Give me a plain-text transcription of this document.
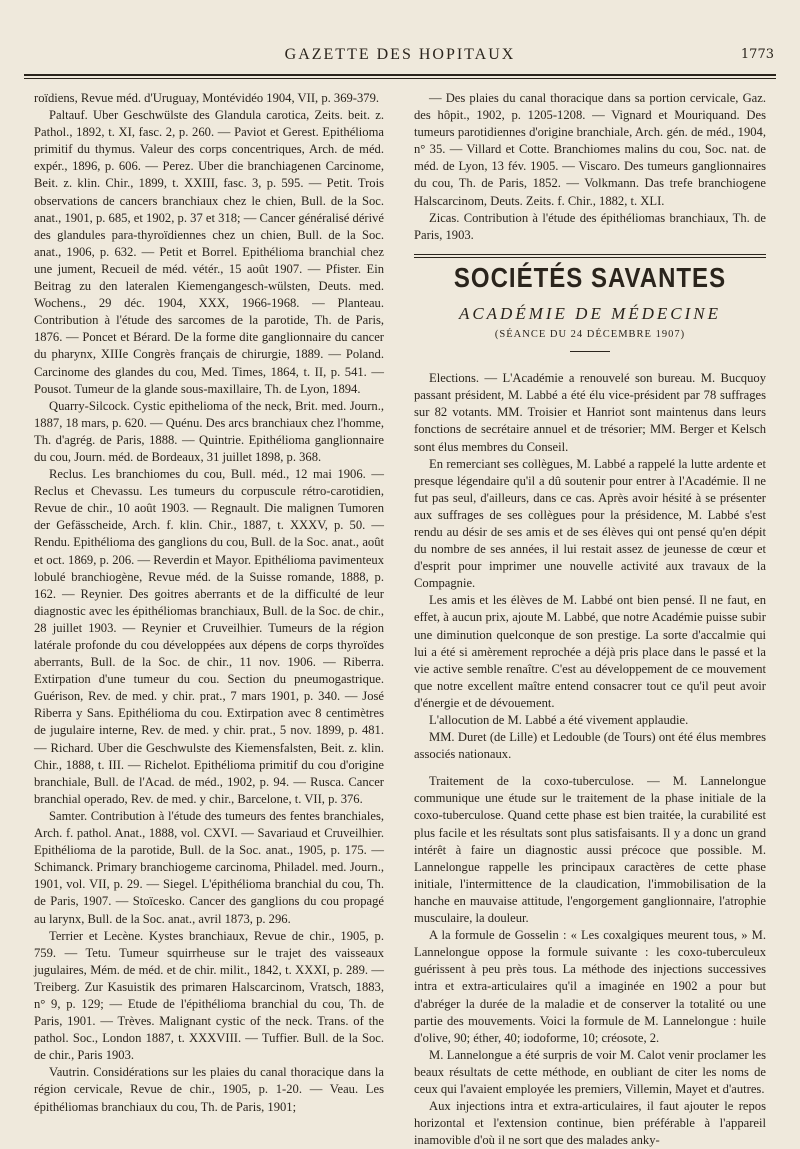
GAZETTE DES HOPITAUX	1773

roïdiens, Revue méd. d'Uruguay, Montévidéo 1904, VII, p. 369-379.

Paltauf. Uber Geschwülste des Glandula carotica, Zeits. beit. z. Pathol., 1892, t. XI, fasc. 2, p. 260. — Paviot et Gerest. Epithélioma primitif du thymus. Valeur des corps concentriques, Arch. de méd. expér., 1896, p. 606. — Perez. Uber die branchiagenen Carcinome, Beit. z. klin. Chir., 1899, t. XXIII, fasc. 3, p. 595. — Petit. Trois observations de cancers branchiaux chez le chien, Bull. de la Soc. anat., 1901, p. 685, et 1902, p. 37 et 318; — Cancer généralisé dérivé des glandules para-thyroïdiennes chez un chien, Bull. de la Soc. anat., 1906, p. 632. — Petit et Borrel. Epithélioma branchial chez une jument, Recueil de méd. vétér., 15 août 1907. — Pfister. Ein Beitrag zu den lateralen Kiemengangesch-wülsten, Deuts. med. Wochens., 29 déc. 1904, XXX, 1966-1968. — Planteau. Contribution à l'étude des sarcomes de la parotide, Th. de Paris, 1876. — Poncet et Bérard. De la forme dite ganglionnaire du cancer du pharynx, XIIIe Congrès français de chirurgie, 1889. — Poland. Carcinome des glandes du cou, Med. Times, 1864, t. II, p. 541. — Pousot. Tumeur de la glande sous-maxillaire, Th. de Lyon, 1894.

Quarry-Silcock. Cystic epithelioma of the neck, Brit. med. Journ., 1887, 18 mars, p. 620. — Quénu. Des arcs branchiaux chez l'homme, Th. d'agrég. de Paris, 1888. — Quintrie. Epithélioma ganglionnaire du cou, Journ. méd. de Bordeaux, 31 juillet 1898, p. 368.

Reclus. Les branchiomes du cou, Bull. méd., 12 mai 1906. — Reclus et Chevassu. Les tumeurs du corpuscule rétro-carotidien, Revue de chir., 10 août 1903. — Regnault. Die malignen Tumoren der Gefässcheide, Arch. f. klin. Chir., 1887, t. XXXV, p. 50. — Rendu. Epithélioma des ganglions du cou, Bull. de la Soc. anat., août et oct. 1869, p. 206. — Reverdin et Mayor. Epithélioma pavimenteux lobulé branchiogène, Revue méd. de la Suisse romande, 1888, p. 162. — Reynier. Des goitres aberrants et de la difficulté de leur diagnostic avec les épithéliomas branchiaux, Bull. de la Soc. de chir., 28 juillet 1903. — Reynier et Cruveilhier. Tumeurs de la région latérale profonde du cou développées aux dépens de corps thyroïdes aberrants, Bull. de la Soc. de chir., 11 nov. 1906. — Riberra. Extirpation d'une tumeur du cou. Section du pneumogastrique. Guérison, Rev. de med. y chir. prat., 7 mars 1901, p. 340. — José Riberra y Sans. Epithélioma du cou. Extirpation avec 8 centimètres de jugulaire interne, Rev. de med. y chir. prat., 5 nov. 1899, p. 481. — Richard. Uber die Geschwulste des Kiemensfalsten, Beit. z. klin. Chir., 1888, t. III. — Richelot. Epithélioma primitif du cou d'origine branchiale, Bull. de l'Acad. de méd., 1902, p. 94. — Rusca. Cancer branchial operado, Rev. de med. y chir., Barcelone, t. VII, p. 376.

Samter. Contribution à l'étude des tumeurs des fentes branchiales, Arch. f. pathol. Anat., 1888, vol. CXVI. — Savariaud et Cruveilhier. Epithélioma de la parotide, Bull. de la Soc. anat., 1905, p. 175. — Schimanck. Primary branchiogeme carcinoma, Philadel. med. Journ., 1901, vol. VII, p. 29. — Siegel. L'épithélioma branchial du cou, Th. de Paris, 1907. — Stoïcesko. Cancer des ganglions du cou propagé au larynx, Bull. de la Soc. anat., avril 1873, p. 296.

Terrier et Lecène. Kystes branchiaux, Revue de chir., 1905, p. 759. — Tetu. Tumeur squirrheuse sur le trajet des vaisseaux jugulaires, Mém. de méd. et de chir. milit., 1842, t. XXXI, p. 289. — Treiberg. Zur Kasuistik des primaren Halscarcinom, Vratsch, 1883, n° 9, p. 129; — Etude de l'épithélioma branchial du cou, Th. de Paris, 1901. — Trèves. Malignant cystic of the neck. Trans. of the pathol. Soc., London 1887, t. XXXVIII. — Tuffier. Bull. de la Soc. de chir., Paris 1903.

Vautrin. Considérations sur les plaies du canal thoracique dans la région cervicale, Revue de chir., 1905, p. 1-20. — Veau. Les épithéliomas branchiaux du cou, Th. de Paris, 1901;

— Des plaies du canal thoracique dans sa portion cervicale, Gaz. des hôpit., 1902, p. 1205-1208. — Vignard et Mouriquand. Des tumeurs parotidiennes d'origine branchiale, Arch. gén. de méd., 1904, n° 35. — Villard et Cotte. Branchiomes malins du cou, Soc. nat. de méd. de Lyon, 13 fév. 1905. — Viscaro. Des tumeurs ganglionnaires du cou, Th. de Paris, 1852. — Volkmann. Das trefe branchiogene Halscarcinom, Deuts. Zeits. f. Chir., 1882, t. XLI.

Zicas. Contribution à l'étude des épithéliomas branchiaux, Th. de Paris, 1903.

SOCIÉTÉS SAVANTES
ACADÉMIE DE MÉDECINE
(SÉANCE DU 24 DÉCEMBRE 1907)

Elections. — L'Académie a renouvelé son bureau. M. Bucquoy passant président, M. Labbé a été élu vice-président par 78 suffrages sur 82 votants. MM. Troisier et Hanriot sont maintenus dans leurs fonctions de secrétaire annuel et de trésorier; MM. Berger et Kelsch sont élus membres du Conseil.

En remerciant ses collègues, M. Labbé a rappelé la lutte ardente et presque légendaire qu'il a dû soutenir pour entrer à l'Académie. Il ne fut pas seul, d'ailleurs, dans ce cas. Après avoir hésité à se présenter aux suffrages de ses collègues pour la présidence, M. Labbé s'est rendu au désir de ses amis et de ses élèves qui ont pensé qu'en dépit du nombre de ses années, il lui restait assez de jeunesse de cœur et d'esprit pour imprimer une nouvelle activité aux travaux de la Compagnie.

Les amis et les élèves de M. Labbé ont bien pensé. Il ne faut, en effet, à aucun prix, ajoute M. Labbé, que notre Académie puisse subir une diminution quelconque de son prestige. La sorte d'accalmie qui lui a été si amèrement reprochée a déjà pris place dans le passé et la vie active semble renaître. C'est au développement de ce mouvement que notre excellent maître entend consacrer tout ce qu'il peut avoir d'énergie et de dévouement.

L'allocution de M. Labbé a été vivement applaudie.

MM. Duret (de Lille) et Ledouble (de Tours) ont été élus membres associés nationaux.

Traitement de la coxo-tuberculose. — M. Lannelongue communique une étude sur le traitement de la phase initiale de la coxo-tuberculose. Quand cette phase est bien traitée, la curabilité est plus facile et les résultats sont plus satisfaisants. Il y a donc un grand intérêt à faire un diagnostic aussi précoce que possible. M. Lannelongue rappelle les principaux caractères de cette phase initiale, l'intermittence de la claudication, l'immobilisation de la hanche en mauvaise attitude, l'engorgement ganglionnaire, l'atrophie musculaire, la douleur.

A la formule de Gosselin : « Les coxalgiques meurent tous, » M. Lannelongue oppose la formule suivante : les coxo-tuberculeux guérissent à peu près tous. La méthode des injections successives intra et extra-articulaires qu'il a imaginée en 1902 a pour but d'abréger la durée de la maladie et de conserver la totalité ou une partie des mouvements. Voici la formule de M. Lannelongue : huile d'olive, 90; éther, 40; iodoforme, 10; créosote, 2.

M. Lannelongue a été surpris de voir M. Calot venir proclamer les beaux résultats de cette méthode, en oubliant de citer les noms de ceux qui l'avaient employée les premiers, Villemin, Mayet et d'autres.

Aux injections intra et extra-articulaires, il faut ajouter le repos horizontal et l'extension continue, bien préférable à l'appareil inamovible d'où il ne sort que des malades anky-
